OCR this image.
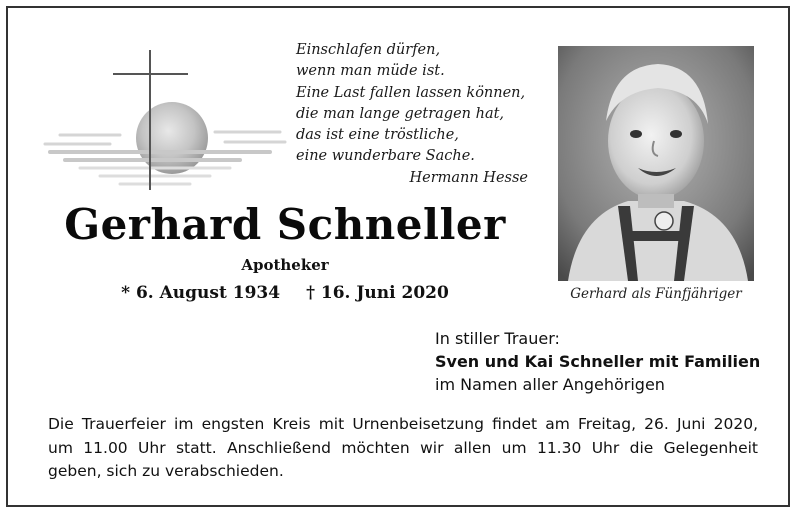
Einschlafen dürfen,
wenn man müde ist.
Eine Last fallen lassen können,
die man lange getragen hat,
das ist eine tröstliche,
eine wunderbare Sache.
Hermann Hesse
Gerhard als Fünfjähriger
Gerhard Schneller
Apotheker
* 6. August 1934 † 16. Juni 2020
In stiller Trauer:
Sven und Kai Schneller mit Familien
im Namen aller Angehörigen
Die Trauerfeier im engsten Kreis mit Urnenbeisetzung findet am Freitag, 26. Juni 2020,
um 11.00 Uhr statt. Anschließend möchten wir allen um 11.30 Uhr die Gelegenheit
geben, sich zu verabschieden.
